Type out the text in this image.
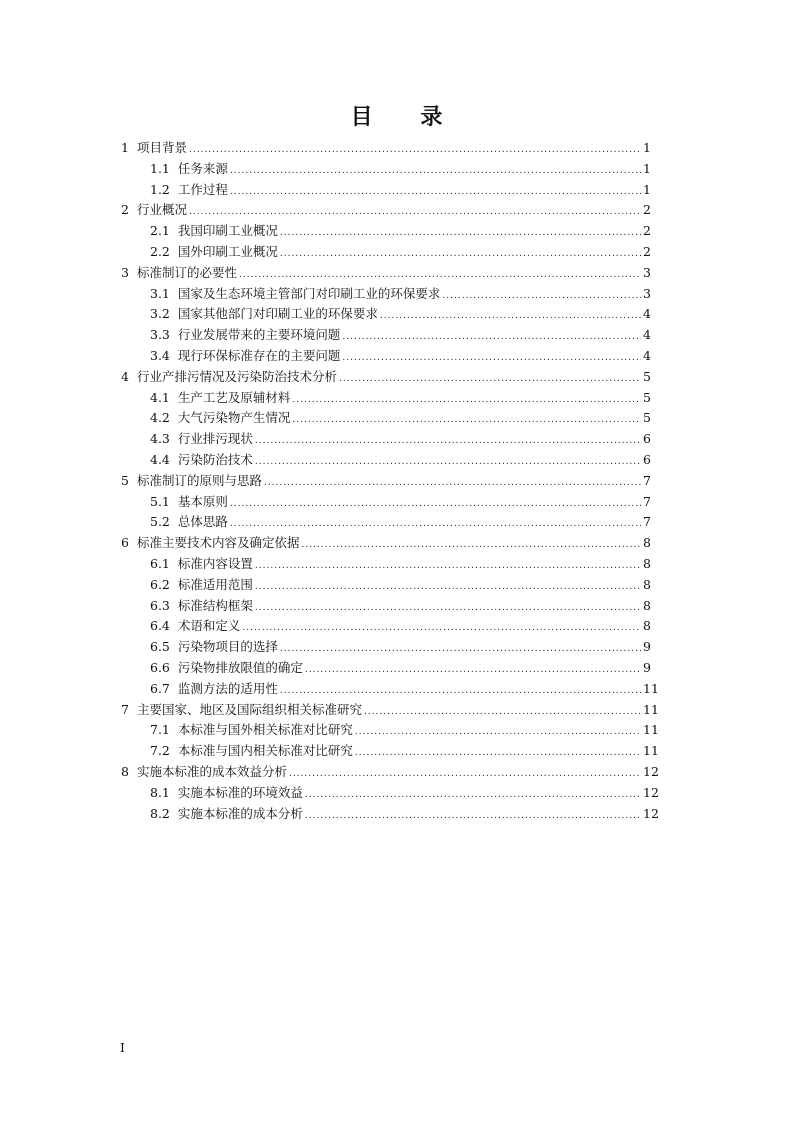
目 录
1 项目背景 .....	1
1.1 任务来源 .....	1
1.2 工作过程 .....	1
2 行业概况 .....	2
2.1 我国印刷工业概况 .....	2
2.2 国外印刷工业概况 .....	2
3 标准制订的必要性 .....	3
3.1 国家及生态环境主管部门对印刷工业的环保要求 .....	3
3.2 国家其他部门对印刷工业的环保要求 .....	4
3.3 行业发展带来的主要环境问题 .....	4
3.4 现行环保标准存在的主要问题 .....	4
4 行业产排污情况及污染防治技术分析 .....	5
4.1 生产工艺及原辅材料 .....	5
4.2 大气污染物产生情况 .....	5
4.3 行业排污现状 .....	6
4.4 污染防治技术 .....	6
5 标准制订的原则与思路 .....	7
5.1 基本原则 .....	7
5.2 总体思路 .....	7
6 标准主要技术内容及确定依据 .....	8
6.1 标准内容设置 .....	8
6.2 标准适用范围 .....	8
6.3 标准结构框架 .....	8
6.4 术语和定义 .....	8
6.5 污染物项目的选择 .....	9
6.6 污染物排放限值的确定 .....	9
6.7 监测方法的适用性 .....	11
7 主要国家、地区及国际组织相关标准研究 .....	11
7.1 本标准与国外相关标准对比研究 .....	11
7.2 本标准与国内相关标准对比研究 .....	11
8 实施本标准的成本效益分析 .....	12
8.1 实施本标准的环境效益 .....	12
8.2 实施本标准的成本分析 .....	12
I
